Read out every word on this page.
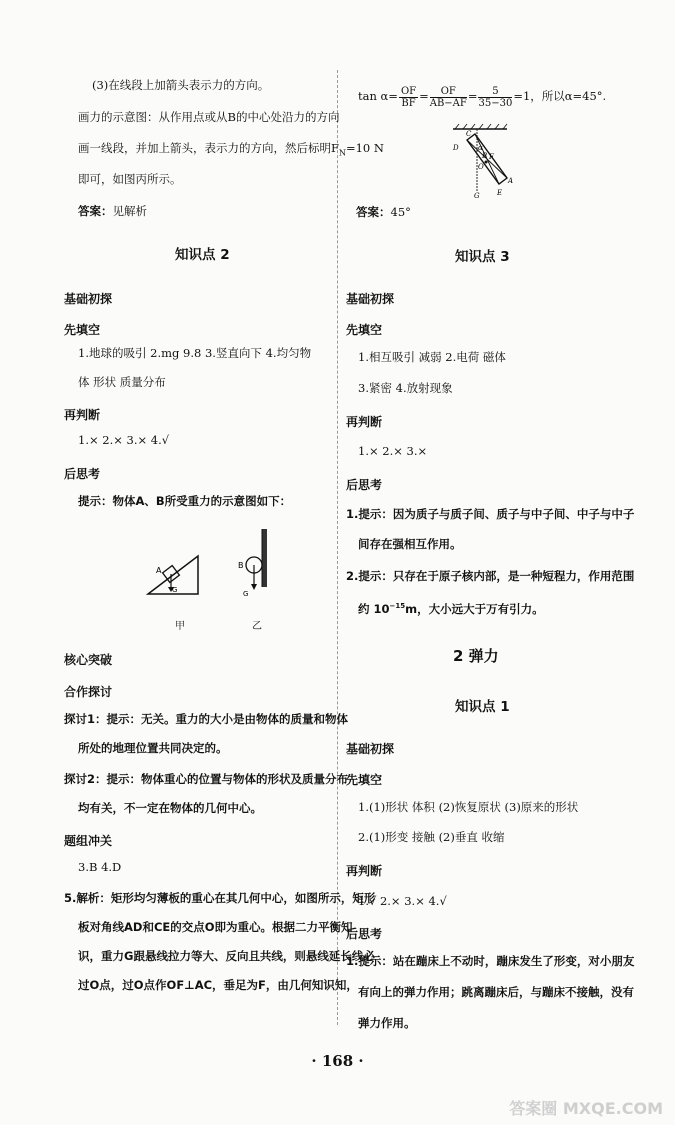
(3)在线段上加箭头表示力的方向。
画力的示意图：从作用点或从B的中心处沿力的方向
画一线段，并加上箭头，表示力的方向，然后标明$F_N=10$ N
即可，如图丙所示。
答案：见解析
知识点 2
基础初探
先填空
1.地球的吸引 2.mg 9.8 3.竖直向下 4.均匀物
体 形状 质量分布
再判断
1.× 2.× 3.× 4.√
后思考
提示：物体A、B所受重力的示意图如下：
A
G
甲
B
G
乙
核心突破
合作探讨
探讨1：提示：无关。重力的大小是由物体的质量和物体
所处的地理位置共同决定的。
探讨2：提示：物体重心的位置与物体的形状及质量分布
均有关，不一定在物体的几何中心。
题组冲关
3.B 4.D
5.解析：矩形均匀薄板的重心在其几何中心，如图所示，矩形
板对角线AD和CE的交点O即为重心。根据二力平衡知
识，重力G跟悬线拉力等大、反向且共线，则悬线延长线必
过O点，过O点作OF⊥AC，垂足为F，由几何知识知，
$\tan \alpha= \frac{OF}{BF} = \frac{OF}{AB-AF} = \frac{5}{35-30} =1$，所以α=45°.
C
D	α
B F
O
A
G E
答案：45°
知识点 3
基础初探
先填空
1.相互吸引 减弱 2.电荷 磁体
3.紧密 4.放射现象
再判断
1.× 2.× 3.×
后思考
1.提示：因为质子与质子间、质子与中子间、中子与中子
间存在强相互作用。
2.提示：只存在于原子核内部，是一种短程力，作用范围
约 $10^{-15}m$，大小远大于万有引力。
2 弹力
知识点 1
基础初探
先填空
1.(1)形状 体积 (2)恢复原状 (3)原来的形状
2.(1)形变 接触 (2)垂直 收缩
再判断
1.√ 2.× 3.× 4.√
后思考
1.提示：站在蹦床上不动时，蹦床发生了形变，对小朋友
有向上的弹力作用；跳离蹦床后，与蹦床不接触，没有
弹力作用。
· 168 ·
答案圈 MXQE.COM
